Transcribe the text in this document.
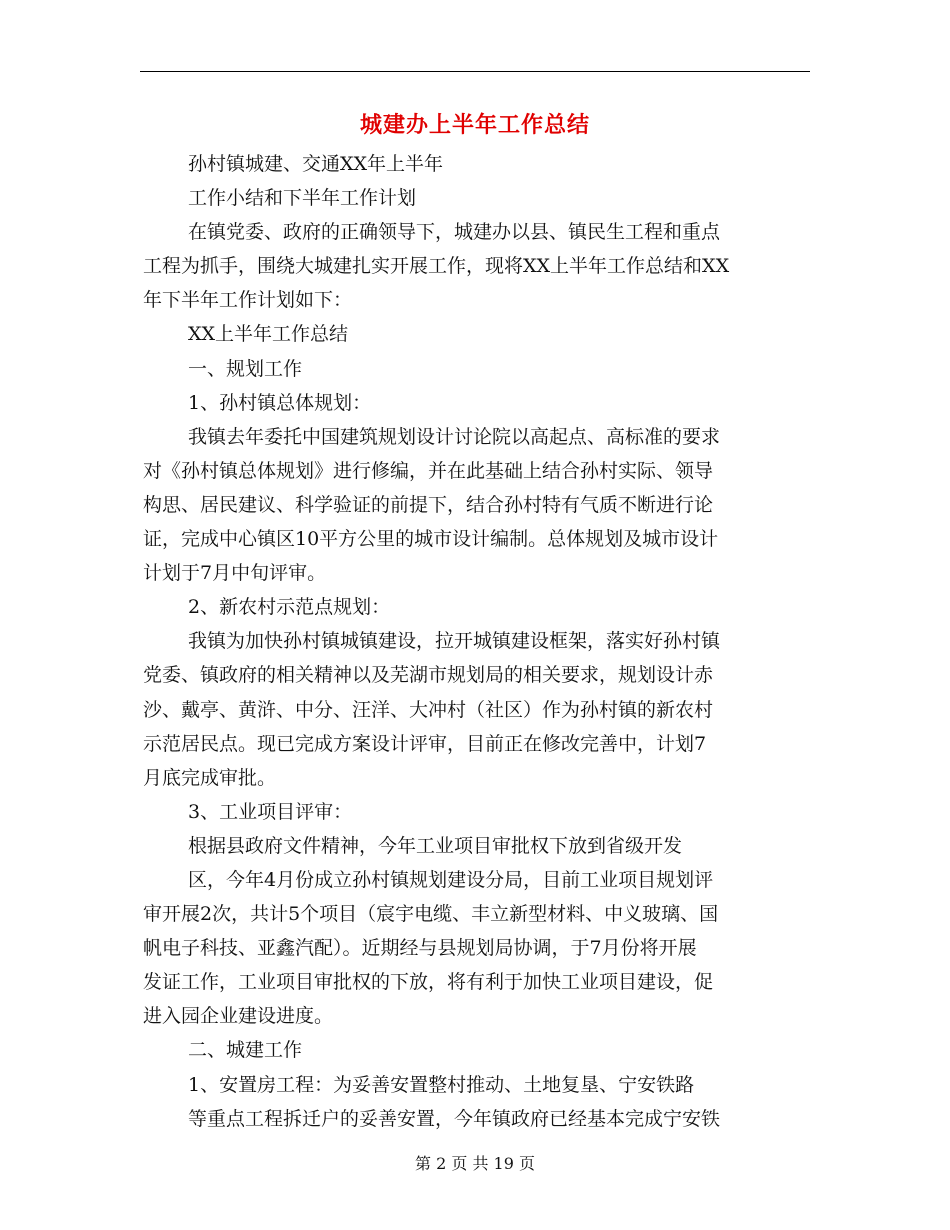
城建办上半年工作总结

孙村镇城建、交通XX年上半年

工作小结和下半年工作计划

在镇党委、政府的正确领导下，城建办以县、镇民生工程和重点

工程为抓手，围绕大城建扎实开展工作，现将XX上半年工作总结和XX

年下半年工作计划如下：

XX上半年工作总结

一、规划工作

1、孙村镇总体规划：

我镇去年委托中国建筑规划设计讨论院以高起点、高标准的要求

对《孙村镇总体规划》进行修编，并在此基础上结合孙村实际、领导

构思、居民建议、科学验证的前提下，结合孙村特有气质不断进行论

证，完成中心镇区10平方公里的城市设计编制。总体规划及城市设计

计划于7月中旬评审。

2、新农村示范点规划：

我镇为加快孙村镇城镇建设，拉开城镇建设框架，落实好孙村镇

党委、镇政府的相关精神以及芜湖市规划局的相关要求，规划设计赤

沙、戴亭、黄浒、中分、汪洋、大冲村（社区）作为孙村镇的新农村

示范居民点。现已完成方案设计评审，目前正在修改完善中，计划7

月底完成审批。

3、工业项目评审：

根据县政府文件精神，今年工业项目审批权下放到省级开发

区，今年4月份成立孙村镇规划建设分局，目前工业项目规划评

审开展2次，共计5个项目（宸宇电缆、丰立新型材料、中义玻璃、国

帆电子科技、亚鑫汽配）。近期经与县规划局协调，于7月份将开展

发证工作，工业项目审批权的下放，将有利于加快工业项目建设，促

进入园企业建设进度。

二、城建工作

1、安置房工程：为妥善安置整村推动、土地复垦、宁安铁路

等重点工程拆迁户的妥善安置，今年镇政府已经基本完成宁安铁

第 2 页 共 19 页
